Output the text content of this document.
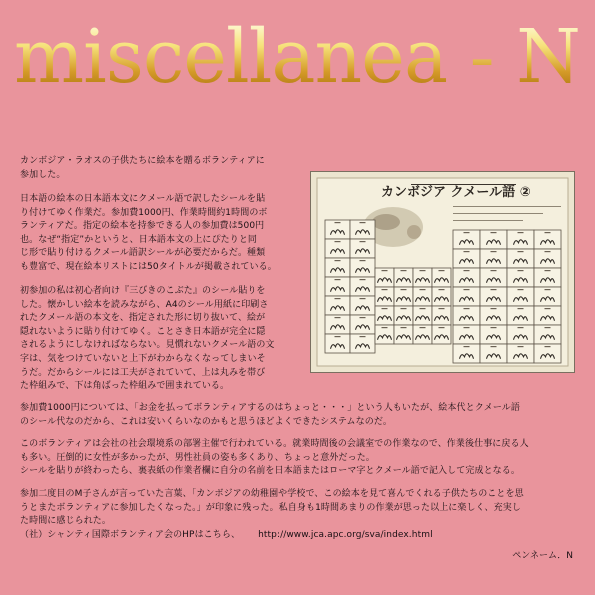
miscellanea - N
カンボジア・ラオスの子供たちに絵本を贈るボランティアに
参加した。
日本語の絵本の日本語本文にクメール語で訳したシールを貼
り付けてゆく作業だ。参加費1000円、作業時間約1時間のボ
ランティアだ。指定の絵本を持参できる人の参加費は500円
也。なぜ“指定”かというと、日本語本文の上にぴたりと同
じ形で貼り付けるクメール語訳シールが必要だからだ。種類
も豊富で、現在絵本リストには50タイトルが掲載されている。
初参加の私は初心者向け『三びきのこぶた』のシール貼りを
した。懐かしい絵本を読みながら、A4のシール用紙に印刷さ
れたクメール語の本文を、指定された形に切り抜いて、絵が
隠れないように貼り付けてゆく。ことさき日本語が完全に隠
されるようにしなければならない。見慣れないクメール語の文
字は、気をつけていないと上下がわからなくなってしまいそ
うだ。だからシールには工夫がされていて、上は丸みを帯び
た枠組みで、下は角ばった枠組みで囲まれている。
参加費1000円については、「お金を払ってボランティアするのはちょっと・・・」という人もいたが、絵本代とクメール語
のシール代なのだから、これは安いくらいなのかもと思うほどよくできたシステムなのだ。
このボランティアは会社の社会環境系の部署主催で行われている。就業時間後の会議室での作業なので、作業後仕事に戻る人
も多い。圧倒的に女性が多かったが、男性社員の姿も多くあり、ちょっと意外だった。
シールを貼りが終わったら、裏表紙の作業者欄に自分の名前を日本語またはローマ字とクメール語で記入して完成となる。
参加二度目のM子さんが言っていた言葉、「カンボジアの幼稚園や学校で、この絵本を見て喜んでくれる子供たちのことを思
うとまたボランティアに参加したくなった。」が印象に残った。私自身も1時間あまりの作業が思った以上に楽しく、充実し
た時間に感じられた。
（社）シャンティ国際ボランティア会のHPはこちら、 http://www.jca.apc.org/sva/index.html
ペンネーム．N
カンボジア クメール語 ②
